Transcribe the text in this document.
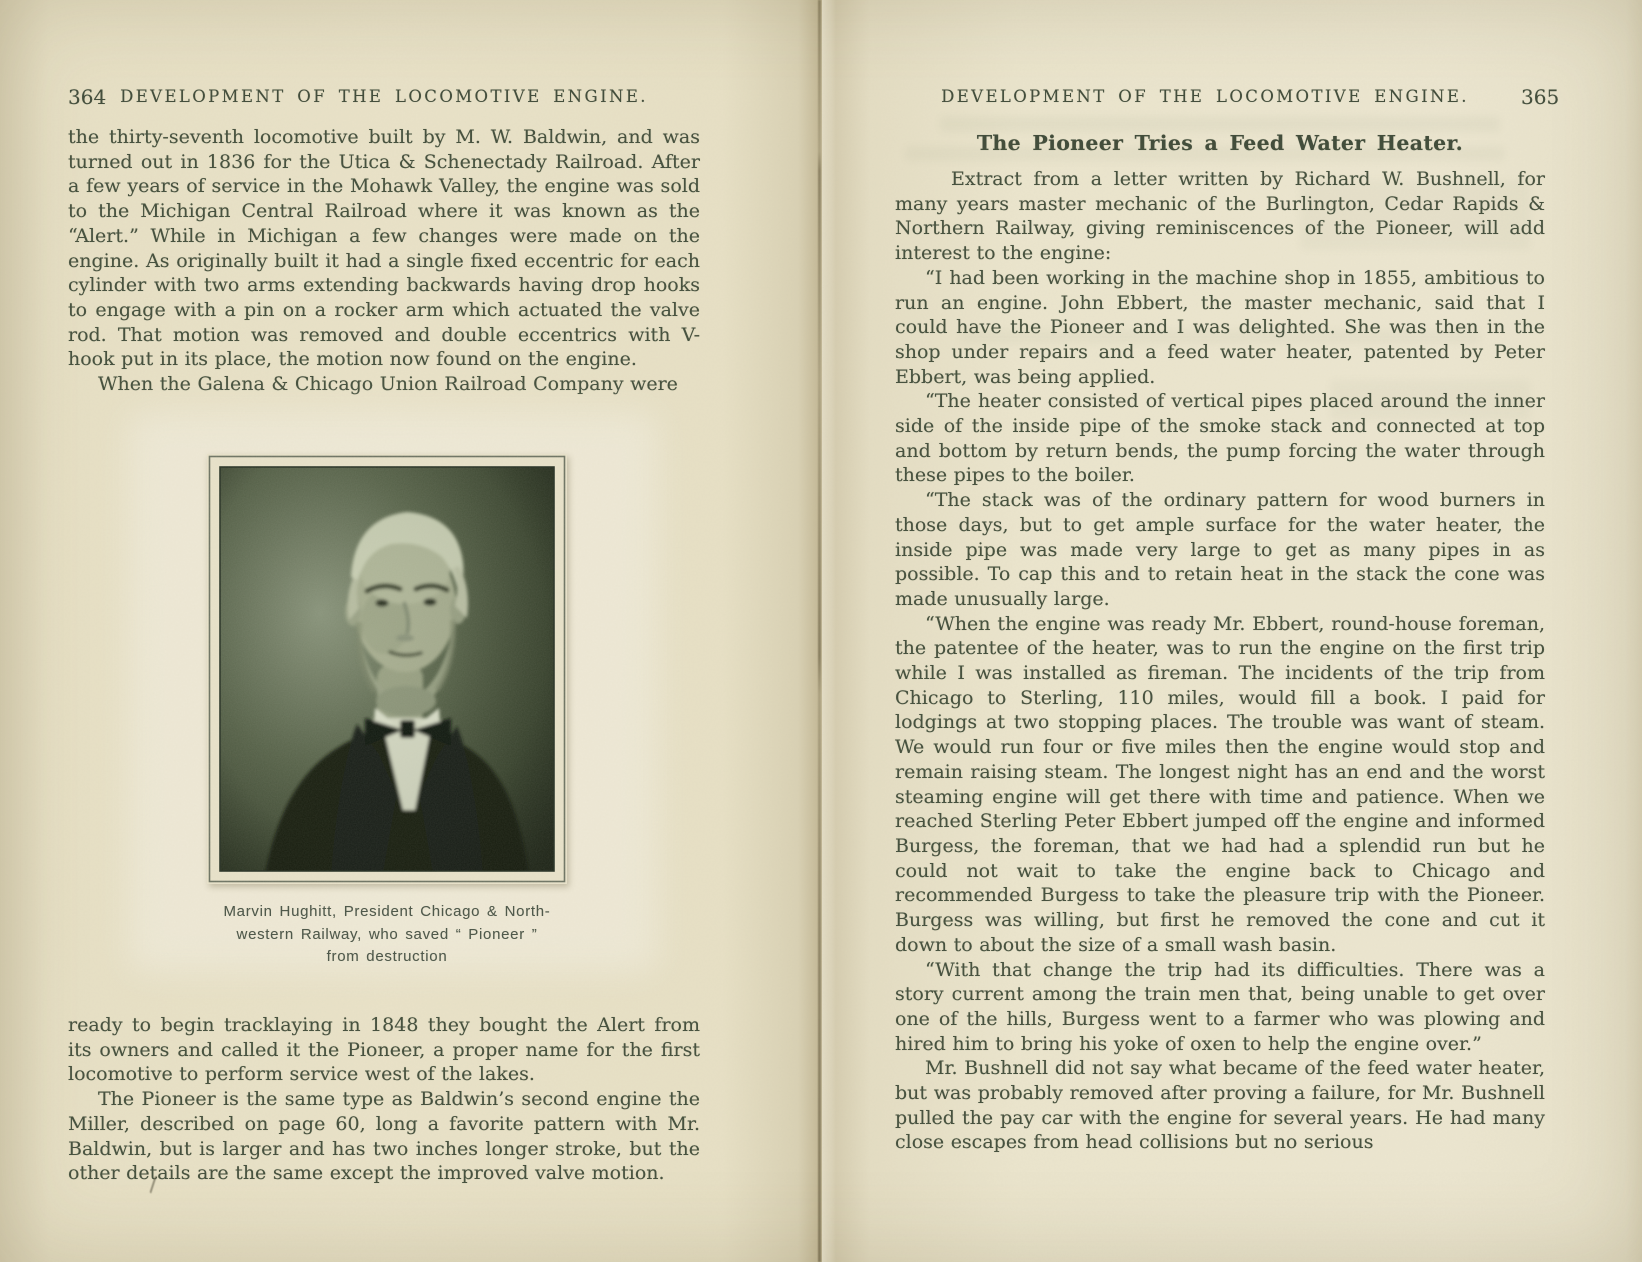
364 DEVELOPMENT OF THE LOCOMOTIVE ENGINE.

the thirty-seventh locomotive built by M. W. Baldwin, and was turned out in 1836 for the Utica & Schenectady Railroad. After a few years of service in the Mohawk Valley, the engine was sold to the Michigan Central Railroad where it was known as the “Alert.” While in Michigan a few changes were made on the engine. As originally built it had a single fixed eccentric for each cylinder with two arms extending backwards having drop hooks to engage with a pin on a rocker arm which actuated the valve rod. That motion was removed and double eccentrics with V-hook put in its place, the motion now found on the engine.

When the Galena & Chicago Union Railroad Company were

Marvin Hughitt, President Chicago & North-
western Railway, who saved “ Pioneer ”
from destruction

ready to begin tracklaying in 1848 they bought the Alert from its owners and called it the Pioneer, a proper name for the first locomotive to perform service west of the lakes.

The Pioneer is the same type as Baldwin’s second engine the Miller, described on page 60, long a favorite pattern with Mr. Baldwin, but is larger and has two inches longer stroke, but the other details are the same except the improved valve motion.

DEVELOPMENT OF THE LOCOMOTIVE ENGINE.	365
The Pioneer Tries a Feed Water Heater.

Extract from a letter written by Richard W. Bushnell, for many years master mechanic of the Burlington, Cedar Rapids & Northern Railway, giving reminiscences of the Pioneer, will add interest to the engine:

“I had been working in the machine shop in 1855, ambitious to run an engine. John Ebbert, the master mechanic, said that I could have the Pioneer and I was delighted. She was then in the shop under repairs and a feed water heater, patented by Peter Ebbert, was being applied.

“The heater consisted of vertical pipes placed around the inner side of the inside pipe of the smoke stack and connected at top and bottom by return bends, the pump forcing the water through these pipes to the boiler.

“The stack was of the ordinary pattern for wood burners in those days, but to get ample surface for the water heater, the inside pipe was made very large to get as many pipes in as possible. To cap this and to retain heat in the stack the cone was made unusually large.

“When the engine was ready Mr. Ebbert, round-house foreman, the patentee of the heater, was to run the engine on the first trip while I was installed as fireman. The incidents of the trip from Chicago to Sterling, 110 miles, would fill a book. I paid for lodgings at two stopping places. The trouble was want of steam. We would run four or five miles then the engine would stop and remain raising steam. The longest night has an end and the worst steaming engine will get there with time and patience. When we reached Sterling Peter Ebbert jumped off the engine and informed Burgess, the foreman, that we had had a splendid run but he could not wait to take the engine back to Chicago and recommended Burgess to take the pleasure trip with the Pioneer. Burgess was willing, but first he removed the cone and cut it down to about the size of a small wash basin.

“With that change the trip had its difficulties. There was a story current among the train men that, being unable to get over one of the hills, Burgess went to a farmer who was plowing and hired him to bring his yoke of oxen to help the engine over.”

Mr. Bushnell did not say what became of the feed water heater, but was probably removed after proving a failure, for Mr. Bushnell pulled the pay car with the engine for several years. He had many close escapes from head collisions but no serious
